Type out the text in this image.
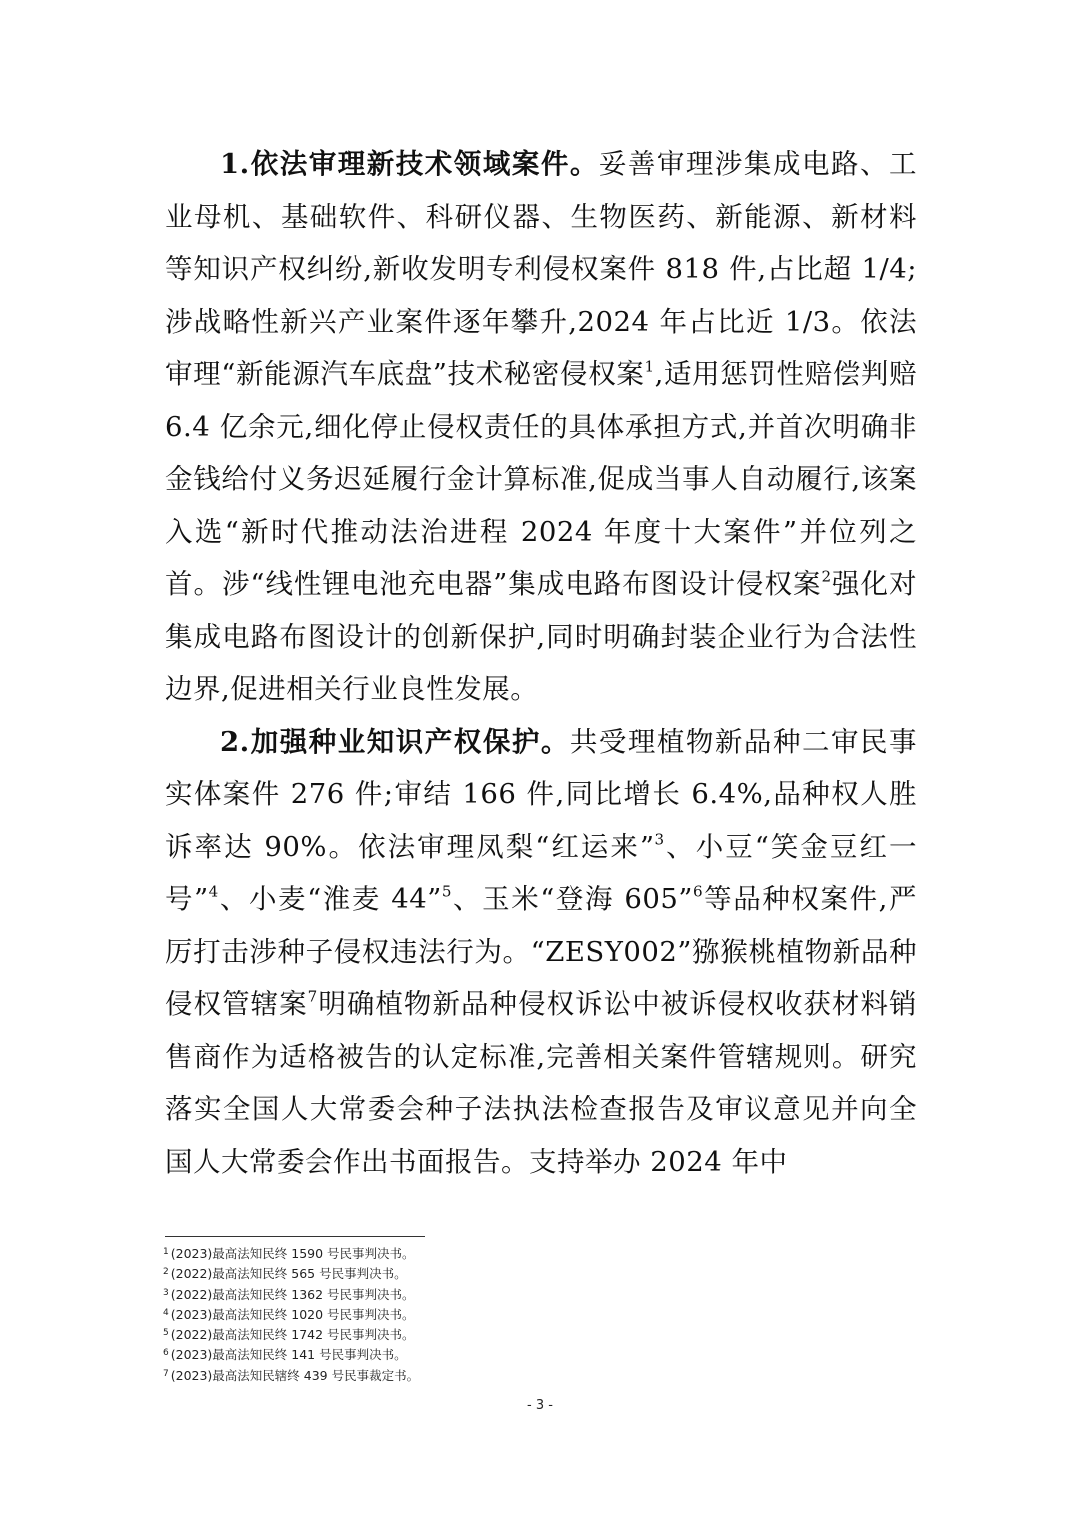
1.依法审理新技术领域案件。妥善审理涉集成电路、工业母机、基础软件、科研仪器、生物医药、新能源、新材料等知识产权纠纷,新收发明专利侵权案件 818 件,占比超 1/4;涉战略性新兴产业案件逐年攀升,2024 年占比近 1/3。依法审理“新能源汽车底盘”技术秘密侵权案$^1$,适用惩罚性赔偿判赔 6.4 亿余元,细化停止侵权责任的具体承担方式,并首次明确非金钱给付义务迟延履行金计算标准,促成当事人自动履行,该案入选“新时代推动法治进程 2024 年度十大案件”并位列之首。涉“线性锂电池充电器”集成电路布图设计侵权案$^2$强化对集成电路布图设计的创新保护,同时明确封装企业行为合法性边界,促进相关行业良性发展。

2.加强种业知识产权保护。共受理植物新品种二审民事实体案件 276 件;审结 166 件,同比增长 6.4%,品种权人胜诉率达 90%。依法审理凤梨“红运来”$^3$、小豆“笑金豆红一号”$^4$、小麦“淮麦 44”$^5$、玉米“登海 605”$^6$等品种权案件,严厉打击涉种子侵权违法行为。“ZESY002”猕猴桃植物新品种侵权管辖案$^7$明确植物新品种侵权诉讼中被诉侵权收获材料销售商作为适格被告的认定标准,完善相关案件管辖规则。研究落实全国人大常委会种子法执法检查报告及审议意见并向全国人大常委会作出书面报告。支持举办 2024 年中

$^1$ (2023)最高法知民终 1590 号民事判决书。
$^2$ (2022)最高法知民终 565 号民事判决书。
$^3$ (2022)最高法知民终 1362 号民事判决书。
$^4$ (2023)最高法知民终 1020 号民事判决书。
$^5$ (2022)最高法知民终 1742 号民事判决书。
$^6$ (2023)最高法知民终 141 号民事判决书。
$^7$ (2023)最高法知民辖终 439 号民事裁定书。
- 3 -
